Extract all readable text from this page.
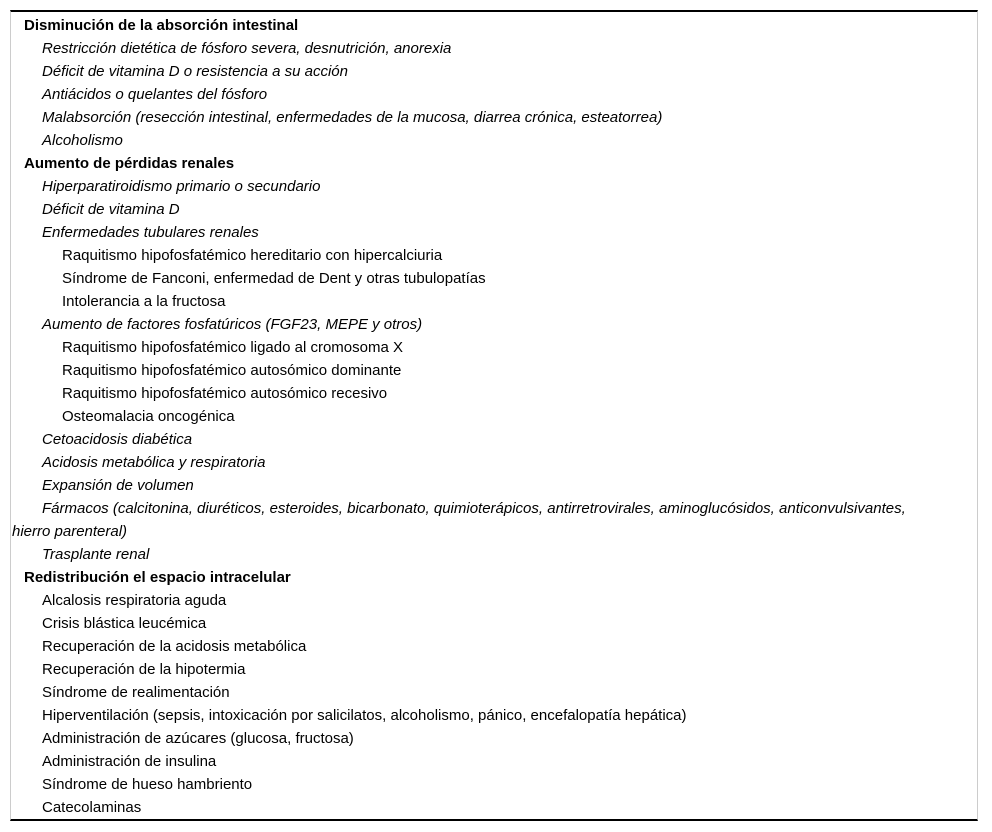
Disminución de la absorción intestinal
Restricción dietética de fósforo severa, desnutrición, anorexia
Déficit de vitamina D o resistencia a su acción
Antiácidos o quelantes del fósforo
Malabsorción (resección intestinal, enfermedades de la mucosa, diarrea crónica, esteatorrea)
Alcoholismo
Aumento de pérdidas renales
Hiperparatiroidismo primario o secundario
Déficit de vitamina D
Enfermedades tubulares renales
Raquitismo hipofosfatémico hereditario con hipercalciuria
Síndrome de Fanconi, enfermedad de Dent y otras tubulopatías
Intolerancia a la fructosa
Aumento de factores fosfatúricos (FGF23, MEPE y otros)
Raquitismo hipofosfatémico ligado al cromosoma X
Raquitismo hipofosfatémico autosómico dominante
Raquitismo hipofosfatémico autosómico recesivo
Osteomalacia oncogénica
Cetoacidosis diabética
Acidosis metabólica y respiratoria
Expansión de volumen
Fármacos (calcitonina, diuréticos, esteroides, bicarbonato, quimioterápicos, antirretrovirales, aminoglucósidos, anticonvulsivantes, hierro parenteral)
Trasplante renal
Redistribución el espacio intracelular
Alcalosis respiratoria aguda
Crisis blástica leucémica
Recuperación de la acidosis metabólica
Recuperación de la hipotermia
Síndrome de realimentación
Hiperventilación (sepsis, intoxicación por salicilatos, alcoholismo, pánico, encefalopatía hepática)
Administración de azúcares (glucosa, fructosa)
Administración de insulina
Síndrome de hueso hambriento
Catecolaminas
